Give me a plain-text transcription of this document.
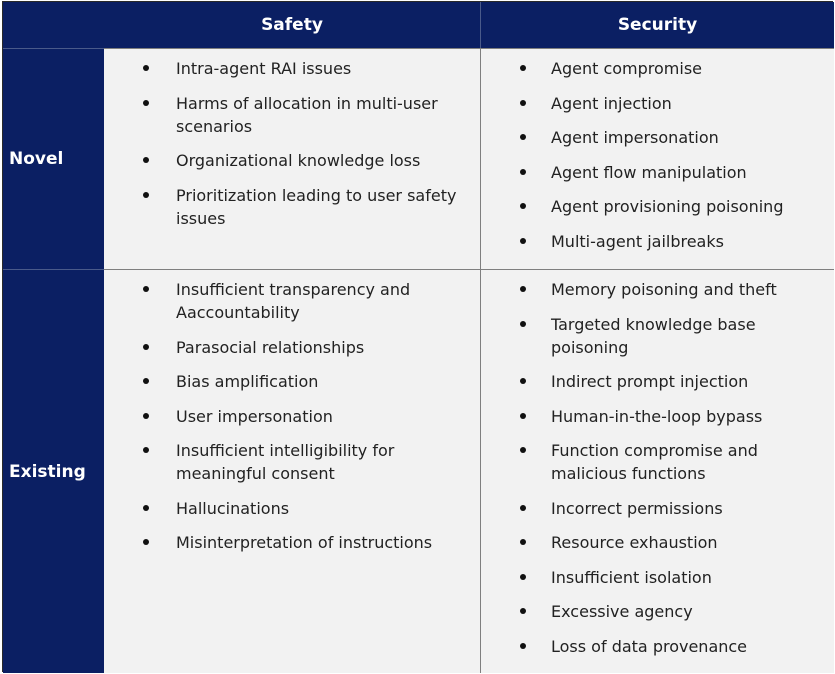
Safety	Security
Novel
Intra-agent RAI issues
Harms of allocation in multi-user scenarios
Organizational knowledge loss
Prioritization leading to user safety issues
Agent compromise
Agent injection
Agent impersonation
Agent flow manipulation
Agent provisioning poisoning
Multi-agent jailbreaks
Existing
Insufficient transparency and Aaccountability
Parasocial relationships
Bias amplification
User impersonation
Insufficient intelligibility for meaningful consent
Hallucinations
Misinterpretation of instructions
Memory poisoning and theft
Targeted knowledge base poisoning
Indirect prompt injection
Human-in-the-loop bypass
Function compromise and malicious functions
Incorrect permissions
Resource exhaustion
Insufficient isolation
Excessive agency
Loss of data provenance
